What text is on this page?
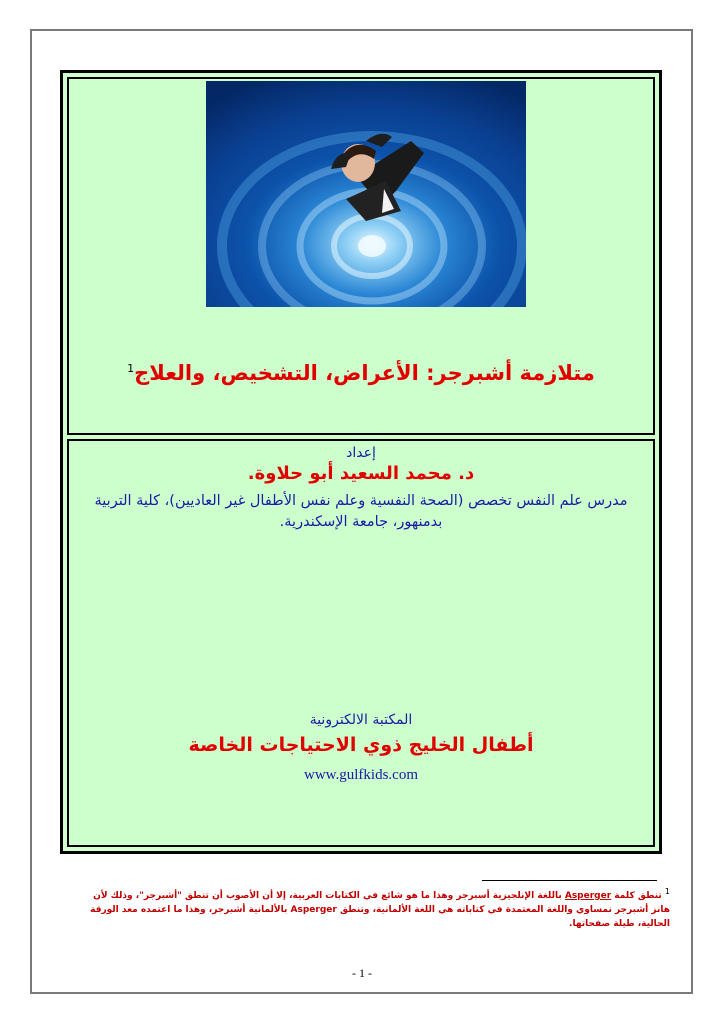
متلازمة أشبرجر: الأعراض، التشخيص، والعلاج$^1$
إعداد
د. محمد السعيد أبو حلاوة.
مدرس علم النفس تخصص (الصحة النفسية وعلم نفس الأطفال غير العاديين)، كلية التربية بدمنهور، جامعة الإسكندرية.
المكتبة الالكترونية
أطفال الخليج ذوي الاحتياجات الخاصة
www.gulfkids.com
1 تنطق كلمة Asperger باللغة الإنلجيزية أسبرجر وهذا ما هو شائع في الكتابات العربية، إلا أن الأصوب أن تنطق "أشبرجر"، وذلك لأن هانز أشبرجر نمساوي واللغة المعتمدة في كتاباته هي اللغة الألمانية، وتنطق Asperger بالألمانية أشبرجر، وهذا ما اعتمده معد الورقة الحالية، طيلة صفحاتها.
- 1 -
